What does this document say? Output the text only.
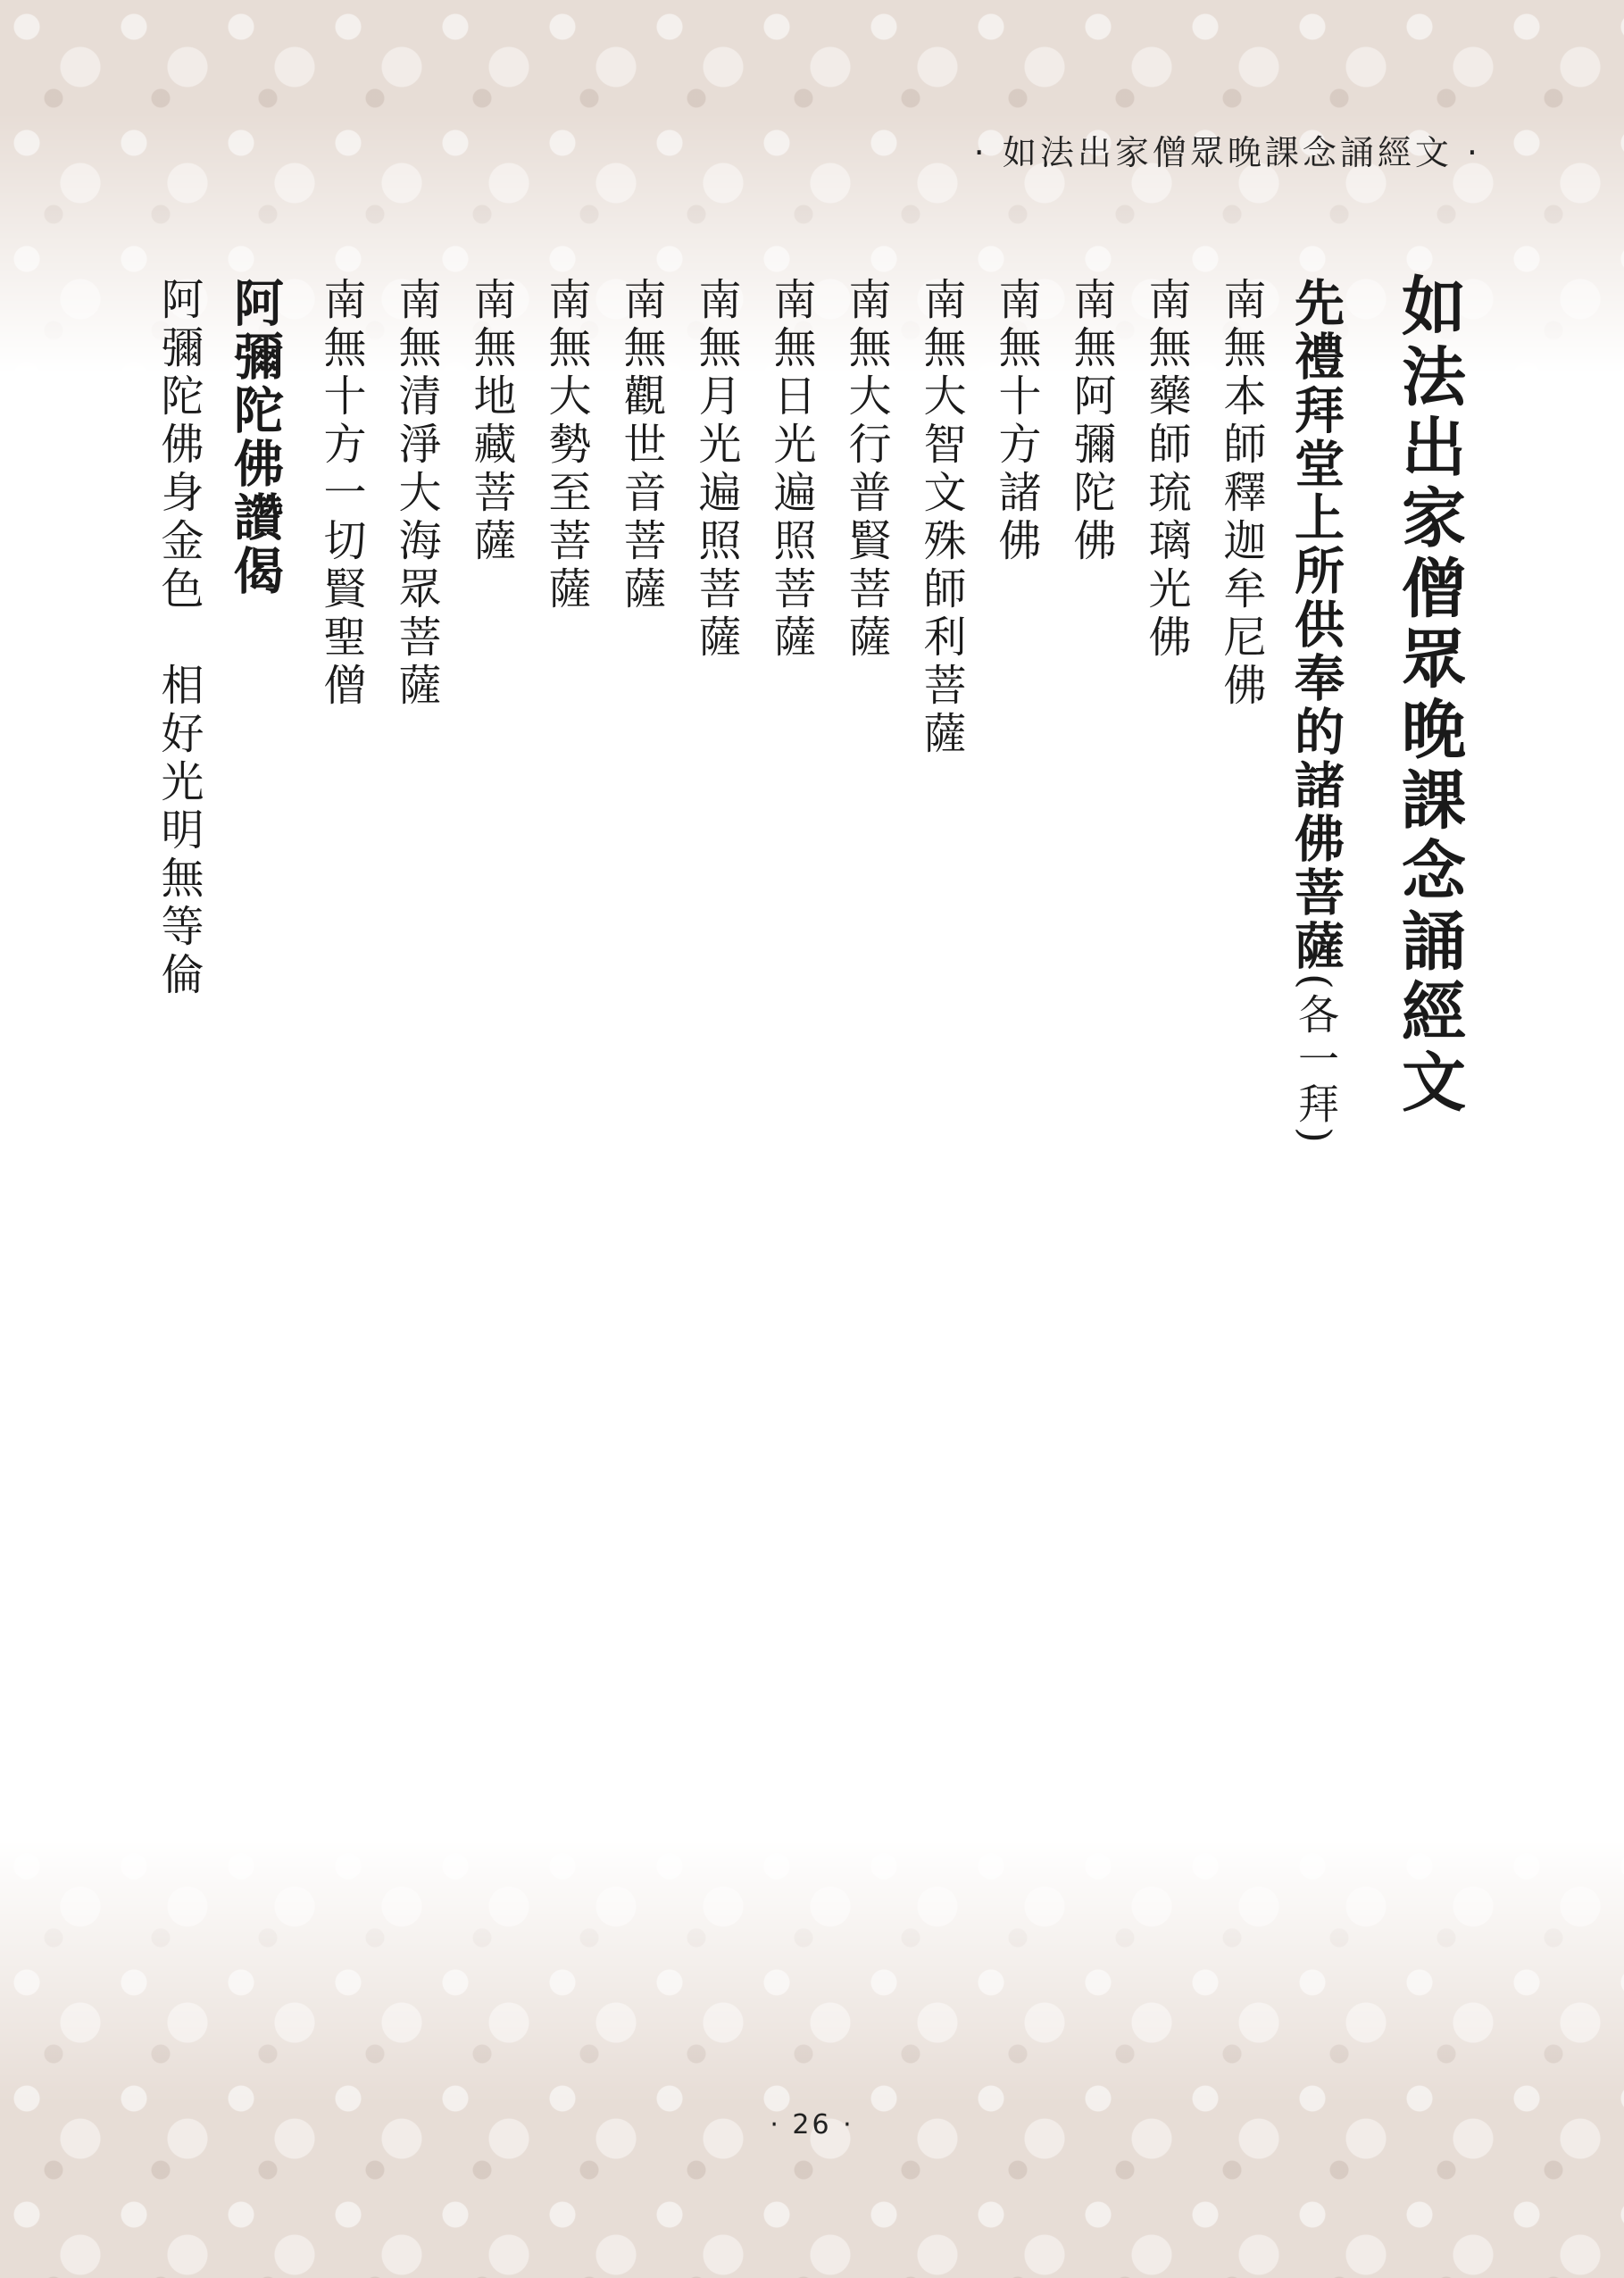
· 如法出家僧眾晚課念誦經文 ·
如法出家僧眾晚課念誦經文
先禮拜堂上所供奉的諸佛菩薩(各一拜)
南無本師釋迦牟尼佛
南無藥師琉璃光佛
南無阿彌陀佛
南無十方諸佛
南無大智文殊師利菩薩
南無大行普賢菩薩
南無日光遍照菩薩
南無月光遍照菩薩
南無觀世音菩薩
南無大勢至菩薩
南無地藏菩薩
南無清淨大海眾菩薩
南無十方一切賢聖僧
阿彌陀佛讚偈
阿彌陀佛身金色　相好光明無等倫
· 26 ·
